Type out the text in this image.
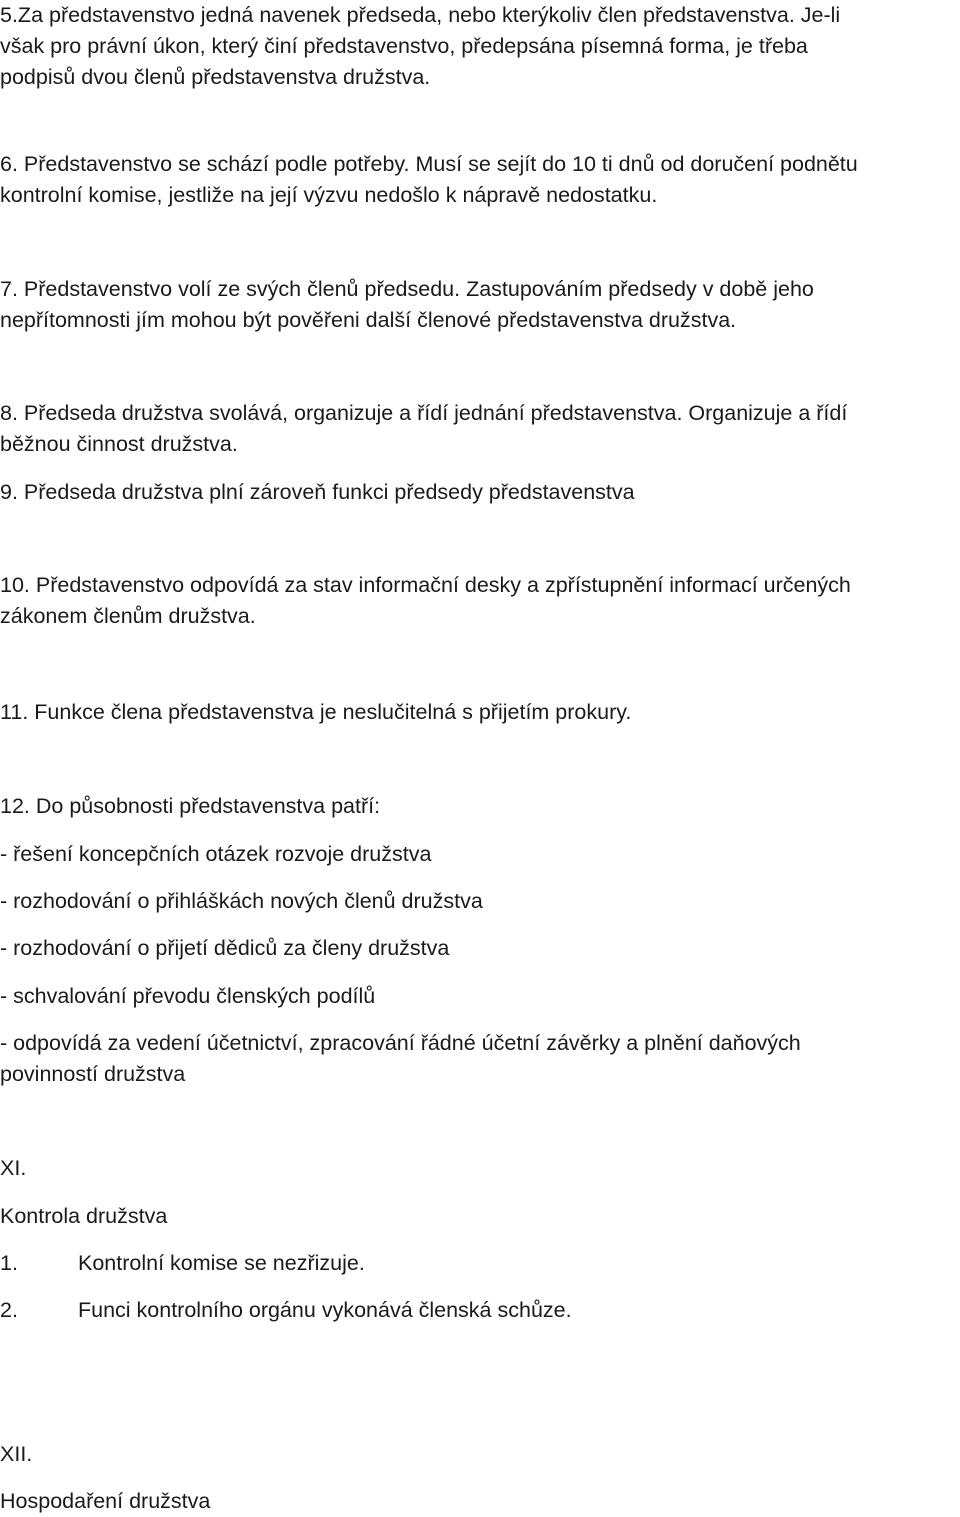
5.Za představenstvo jedná navenek předseda, nebo kterýkoliv člen představenstva. Je-li
však pro právní úkon, který činí představenstvo, předepsána písemná forma, je třeba
podpisů dvou členů představenstva družstva.
6. Představenstvo se schází podle potřeby. Musí se sejít do 10 ti dnů od doručení podnětu
kontrolní komise, jestliže na její výzvu nedošlo k nápravě nedostatku.
7. Představenstvo volí ze svých členů předsedu. Zastupováním předsedy v době jeho
nepřítomnosti jím mohou být pověřeni další členové představenstva družstva.
8. Předseda družstva svolává, organizuje a řídí jednání představenstva. Organizuje a řídí
běžnou činnost družstva.
9. Předseda družstva plní zároveň funkci předsedy představenstva
10. Představenstvo odpovídá za stav informační desky a zpřístupnění informací určených
zákonem členům družstva.
11. Funkce člena představenstva je neslučitelná s přijetím prokury.
12. Do působnosti představenstva patří:
- řešení koncepčních otázek rozvoje družstva
- rozhodování o přihláškách nových členů družstva
- rozhodování o přijetí dědiců za členy družstva
- schvalování převodu členských podílů
- odpovídá za vedení účetnictví, zpracování řádné účetní závěrky a plnění daňových
povinností družstva
XI.
Kontrola družstva
1.	Kontrolní komise se nezřizuje.
2.	Funci kontrolního orgánu vykonává členská schůze.
XII.
Hospodaření družstva
